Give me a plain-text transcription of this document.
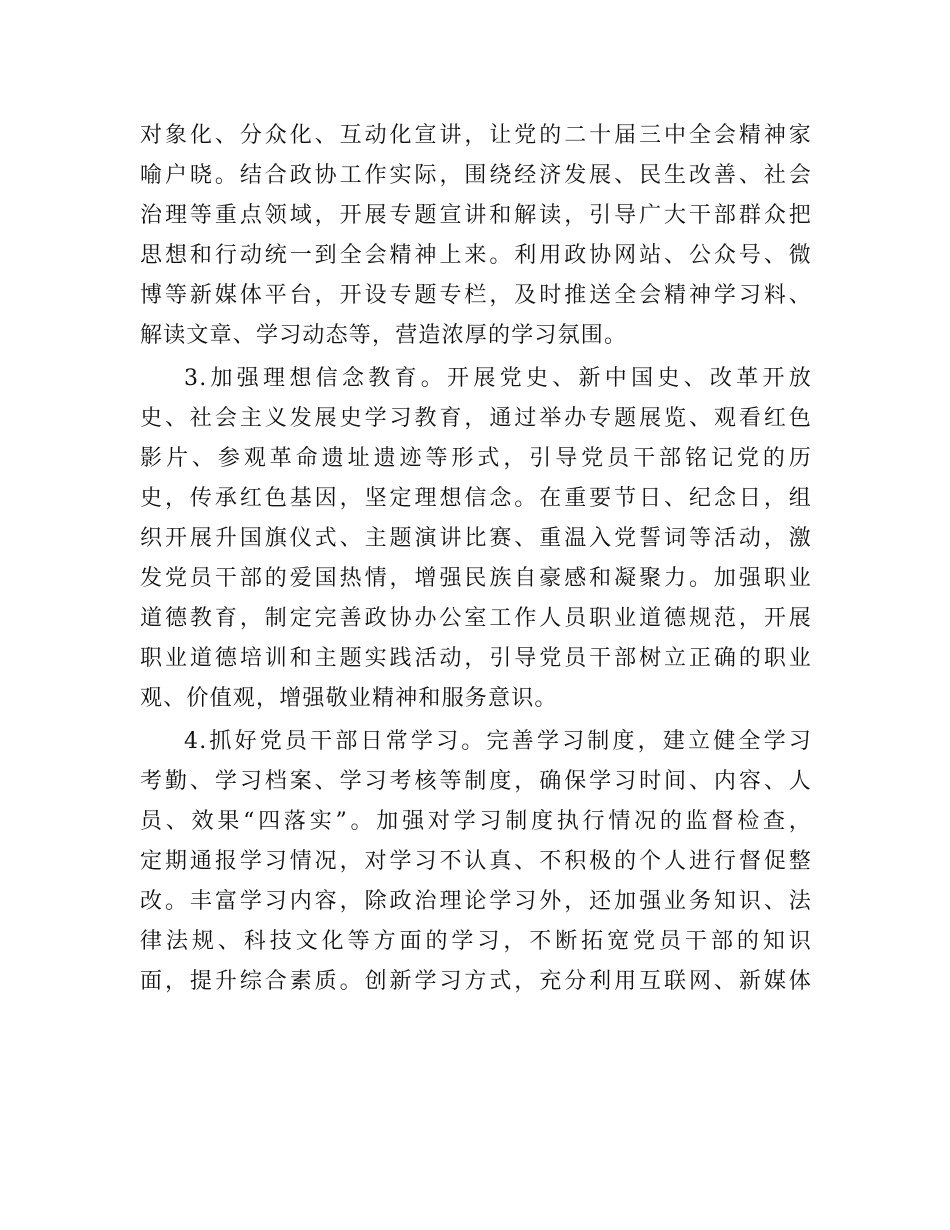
对象化、分众化、互动化宣讲，让党的二十届三中全会精神家
喻户晓。结合政协工作实际，围绕经济发展、民生改善、社会
治理等重点领域，开展专题宣讲和解读，引导广大干部群众把
思想和行动统一到全会精神上来。利用政协网站、公众号、微
博等新媒体平台，开设专题专栏，及时推送全会精神学习料、
解读文章、学习动态等，营造浓厚的学习氛围。
3.加强理想信念教育。开展党史、新中国史、改革开放
史、社会主义发展史学习教育，通过举办专题展览、观看红色
影片、参观革命遗址遗迹等形式，引导党员干部铭记党的历
史，传承红色基因，坚定理想信念。在重要节日、纪念日，组
织开展升国旗仪式、主题演讲比赛、重温入党誓词等活动，激
发党员干部的爱国热情，增强民族自豪感和凝聚力。加强职业
道德教育，制定完善政协办公室工作人员职业道德规范，开展
职业道德培训和主题实践活动，引导党员干部树立正确的职业
观、价值观，增强敬业精神和服务意识。
4.抓好党员干部日常学习。完善学习制度，建立健全学习
考勤、学习档案、学习考核等制度，确保学习时间、内容、人
员、效果“四落实”。加强对学习制度执行情况的监督检查，
定期通报学习情况，对学习不认真、不积极的个人进行督促整
改。丰富学习内容，除政治理论学习外，还加强业务知识、法
律法规、科技文化等方面的学习，不断拓宽党员干部的知识
面，提升综合素质。创新学习方式，充分利用互联网、新媒体
